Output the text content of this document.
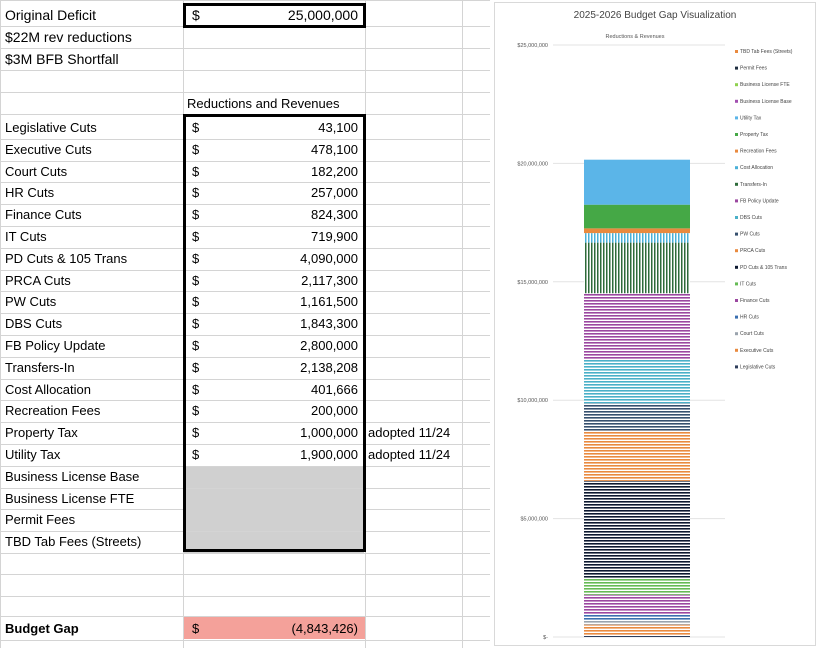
Original Deficit	$	25,000,000
$22M rev reductions
$3M BFB Shortfall
Reductions and Revenues
Legislative Cuts	$	43,100
Executive Cuts	$	478,100
Court Cuts	$	182,200
HR Cuts	$	257,000
Finance Cuts	$	824,300
IT Cuts	$	719,900
PD Cuts & 105 Trans	$	4,090,000
PRCA Cuts	$	2,117,300
PW Cuts	$	1,161,500
DBS Cuts	$	1,843,300
FB Policy Update	$	2,800,000
Transfers-In	$	2,138,208
Cost Allocation	$	401,666
Recreation Fees	$	200,000
Property Tax	$	1,000,000 adopted 11/24
Utility Tax	$	1,900,000 adopted 11/24
Business License Base
Business License FTE
Permit Fees
TBD Tab Fees (Streets)
Budget Gap	$	(4,843,426)
2025-2026 Budget Gap Visualization
Reductions & Revenues
$25,000,000
$20,000,000
$15,000,000
$10,000,000
$5,000,000
$-
TBD Tab Fees (Streets)
Permit Fees
Business License FTE
Business License Base
Utility Tax
Property Tax
Recreation Fees
Cost Allocation
Transfers-In
FB Policy Update
DBS Cuts
PW Cuts
PRCA Cuts
PD Cuts & 105 Trans
IT Cuts
Finance Cuts
HR Cuts
Court Cuts
Executive Cuts
Legislative Cuts
